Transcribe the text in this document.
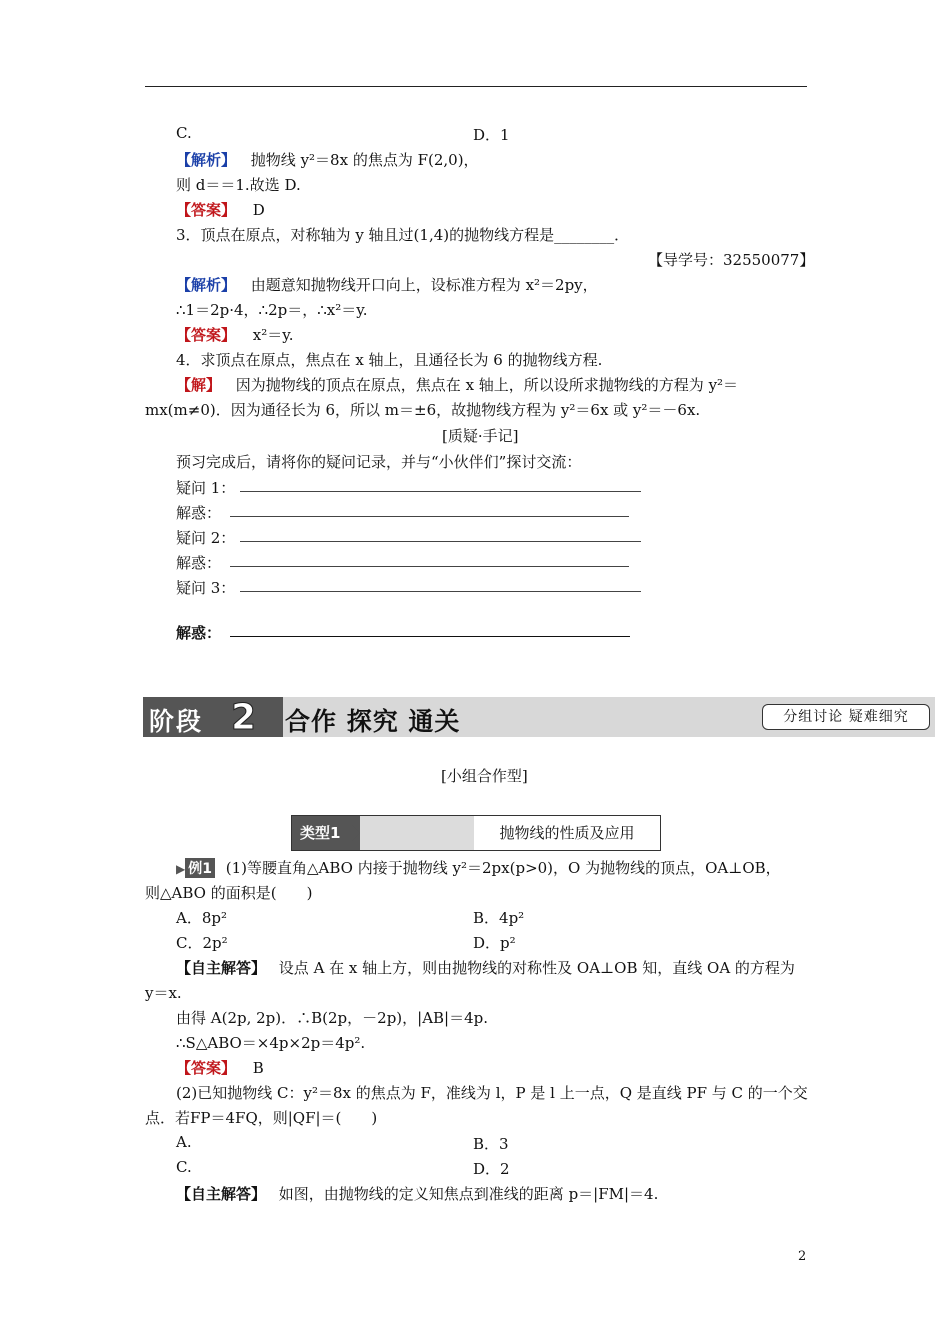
C.	D．1
【解析】 抛物线 y²＝8x 的焦点为 F(2,0)，
则 d＝＝1.故选 D.
【答案】 D
3．顶点在原点，对称轴为 y 轴且过(1,4)的抛物线方程是________．
【导学号：32550077】
【解析】 由题意知抛物线开口向上，设标准方程为 x²＝2py，
∴1＝2p·4，∴2p＝，∴x²＝y.
【答案】 x²＝y.
4．求顶点在原点，焦点在 x 轴上，且通径长为 6 的抛物线方程.
【解】 因为抛物线的顶点在原点，焦点在 x 轴上，所以设所求抛物线的方程为 y²＝
mx(m≠0)．因为通径长为 6，所以 m＝±6，故抛物线方程为 y²＝6x 或 y²＝－6x.
[质疑·手记]
预习完成后，请将你的疑问记录，并与“小伙伴们”探讨交流：
疑问 1：
解惑：
疑问 2：
解惑：
疑问 3：
解惑：
阶段 2 合作 探究 通关	分组讨论 疑难细究
[小组合作型]
类型1	抛物线的性质及应用
▶ 例1 (1)等腰直角△ABO 内接于抛物线 y²＝2px(p>0)，O 为抛物线的顶点，OA⊥OB，
则△ABO 的面积是(　　)
A．8p²	B．4p²
C．2p²	D．p²
【自主解答】 设点 A 在 x 轴上方，则由抛物线的对称性及 OA⊥OB 知，直线 OA 的方程为
y＝x.
由得 A(2p, 2p)．∴B(2p，－2p)，|AB|＝4p.
∴S△ABO＝×4p×2p＝4p².
【答案】 B
(2)已知抛物线 C：y²＝8x 的焦点为 F，准线为 l，P 是 l 上一点，Q 是直线 PF 与 C 的一个交
点．若FP＝4FQ，则|QF|＝(　　)
A.	B．3
C.	D．2
【自主解答】 如图，由抛物线的定义知焦点到准线的距离 p＝|FM|＝4.
2
